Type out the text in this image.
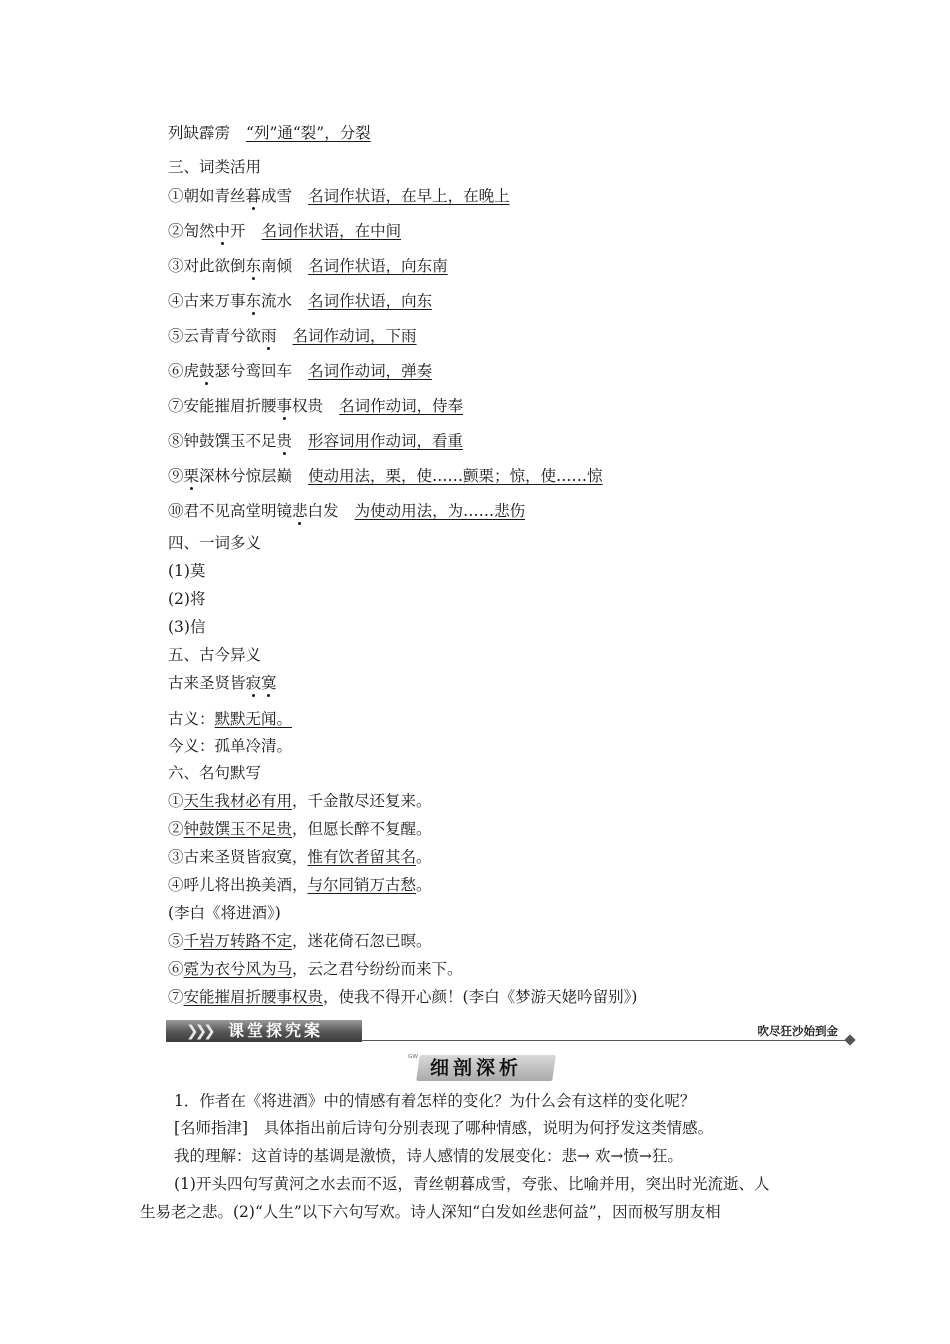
列缺霹雳 “列”通“裂”，分裂
三、词类活用
①朝如青丝暮成雪 名词作状语，在早上，在晚上
②訇然中开 名词作状语，在中间
③对此欲倒东南倾 名词作状语，向东南
④古来万事东流水 名词作状语，向东
⑤云青青兮欲雨 名词作动词，下雨
⑥虎鼓瑟兮鸾回车 名词作动词，弹奏
⑦安能摧眉折腰事权贵 名词作动词，侍奉
⑧钟鼓馔玉不足贵 形容词用作动词，看重
⑨栗深林兮惊层巅 使动用法，栗，使……颤栗；惊，使……惊
⑩君不见高堂明镜悲白发 为使动用法，为……悲伤
四、一词多义
(1)莫
(2)将
(3)信
五、古今异义
古来圣贤皆寂寞
古义：默默无闻。
今义：孤单冷清。
六、名句默写
①天生我材必有用，千金散尽还复来。
②钟鼓馔玉不足贵，但愿长醉不复醒。
③古来圣贤皆寂寞，惟有饮者留其名。
④呼儿将出换美酒，与尔同销万古愁。
(李白《将进酒》)
⑤千岩万转路不定，迷花倚石忽已暝。
⑥霓为衣兮风为马，云之君兮纷纷而来下。
⑦安能摧眉折腰事权贵，使我不得开心颜！(李白《梦游天姥吟留别》)
❯❯❯	课堂探究案	吹尽狂沙始到金
ᴳᵂ 细剖深析
1．作者在《将进酒》中的情感有着怎样的变化？为什么会有这样的变化呢？
[名师指津]　具体指出前后诗句分别表现了哪种情感，说明为何抒发这类情感。
我的理解：这首诗的基调是激愤，诗人感情的发展变化：悲→ 欢→愤→狂。
(1)开头四句写黄河之水去而不返，青丝朝暮成雪，夸张、比喻并用，突出时光流逝、人
生易老之悲。(2)“人生”以下六句写欢。诗人深知“白发如丝悲何益”，因而极写朋友相
